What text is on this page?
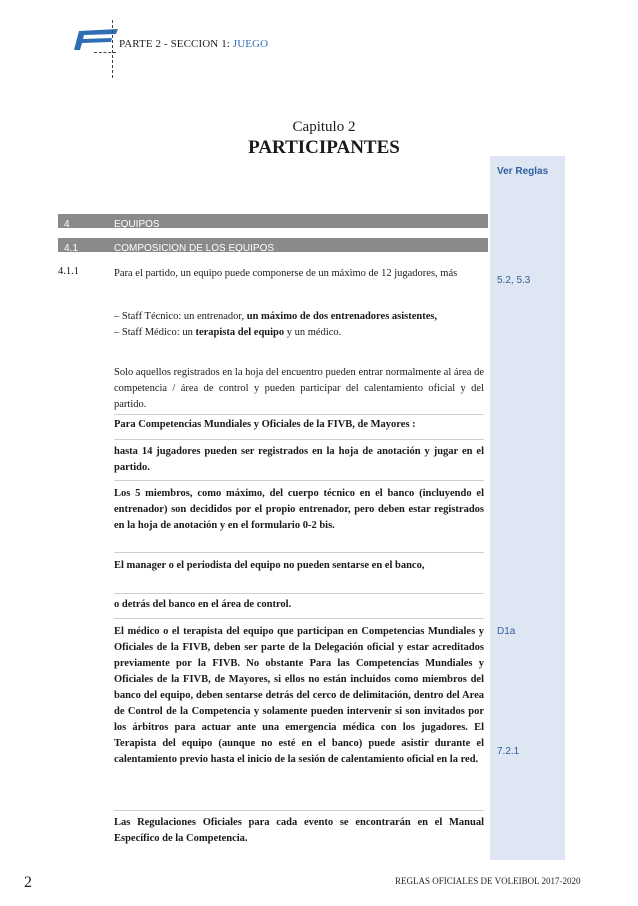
PARTE 2 - SECCION 1: JUEGO
Capitulo 2
PARTICIPANTES
Ver Reglas
5.2, 5.3
D1a
7.2.1
4	EQUIPOS
4.1	COMPOSICION DE LOS EQUIPOS
4.1.1	Para el partido, un equipo puede componerse de un máximo de 12 jugadores, más

– Staff Técnico: un entrenador, un máximo de dos entrenadores asistentes,

– Staff Médico: un terapista del equipo y un médico.

Solo aquellos registrados en la hoja del encuentro pueden entrar normalmente al área de competencia / área de control y pueden participar del calentamiento oficial y del partido.

Para Competencias Mundiales y Oficiales de la FIVB, de Mayores :

hasta 14 jugadores pueden ser registrados en la hoja de anotación y jugar en el partido.

Los 5 miembros, como máximo, del cuerpo técnico en el banco (incluyendo el entrenador) son decididos por el propio entrenador, pero deben estar registrados en la hoja de anotación y en el formulario 0-2 bis.

El manager o el periodista del equipo no pueden sentarse en el banco,

o detrás del banco en el área de control.

El médico o el terapista del equipo que participan en Competencias Mundiales y Oficiales de la FIVB, deben ser parte de la Delegación oficial y estar acreditados previamente por la FIVB. No obstante Para las Competencias Mundiales y Oficiales de la FIVB, de Mayores, si ellos no están incluidos como miembros del banco del equipo, deben sentarse detrás del cerco de delimitación, dentro del Area de Control de la Competencia y solamente pueden intervenir si son invitados por los árbitros para actuar ante una emergencia médica con los jugadores. El Terapista del equipo (aunque no esté en el banco) puede asistir durante el calentamiento previo hasta el inicio de la sesión de calentamiento oficial en la red.

Las Regulaciones Oficiales para cada evento se encontrarán en el Manual Específico de la Competencia.

2	REGLAS OFICIALES DE VOLEIBOL 2017-2020
